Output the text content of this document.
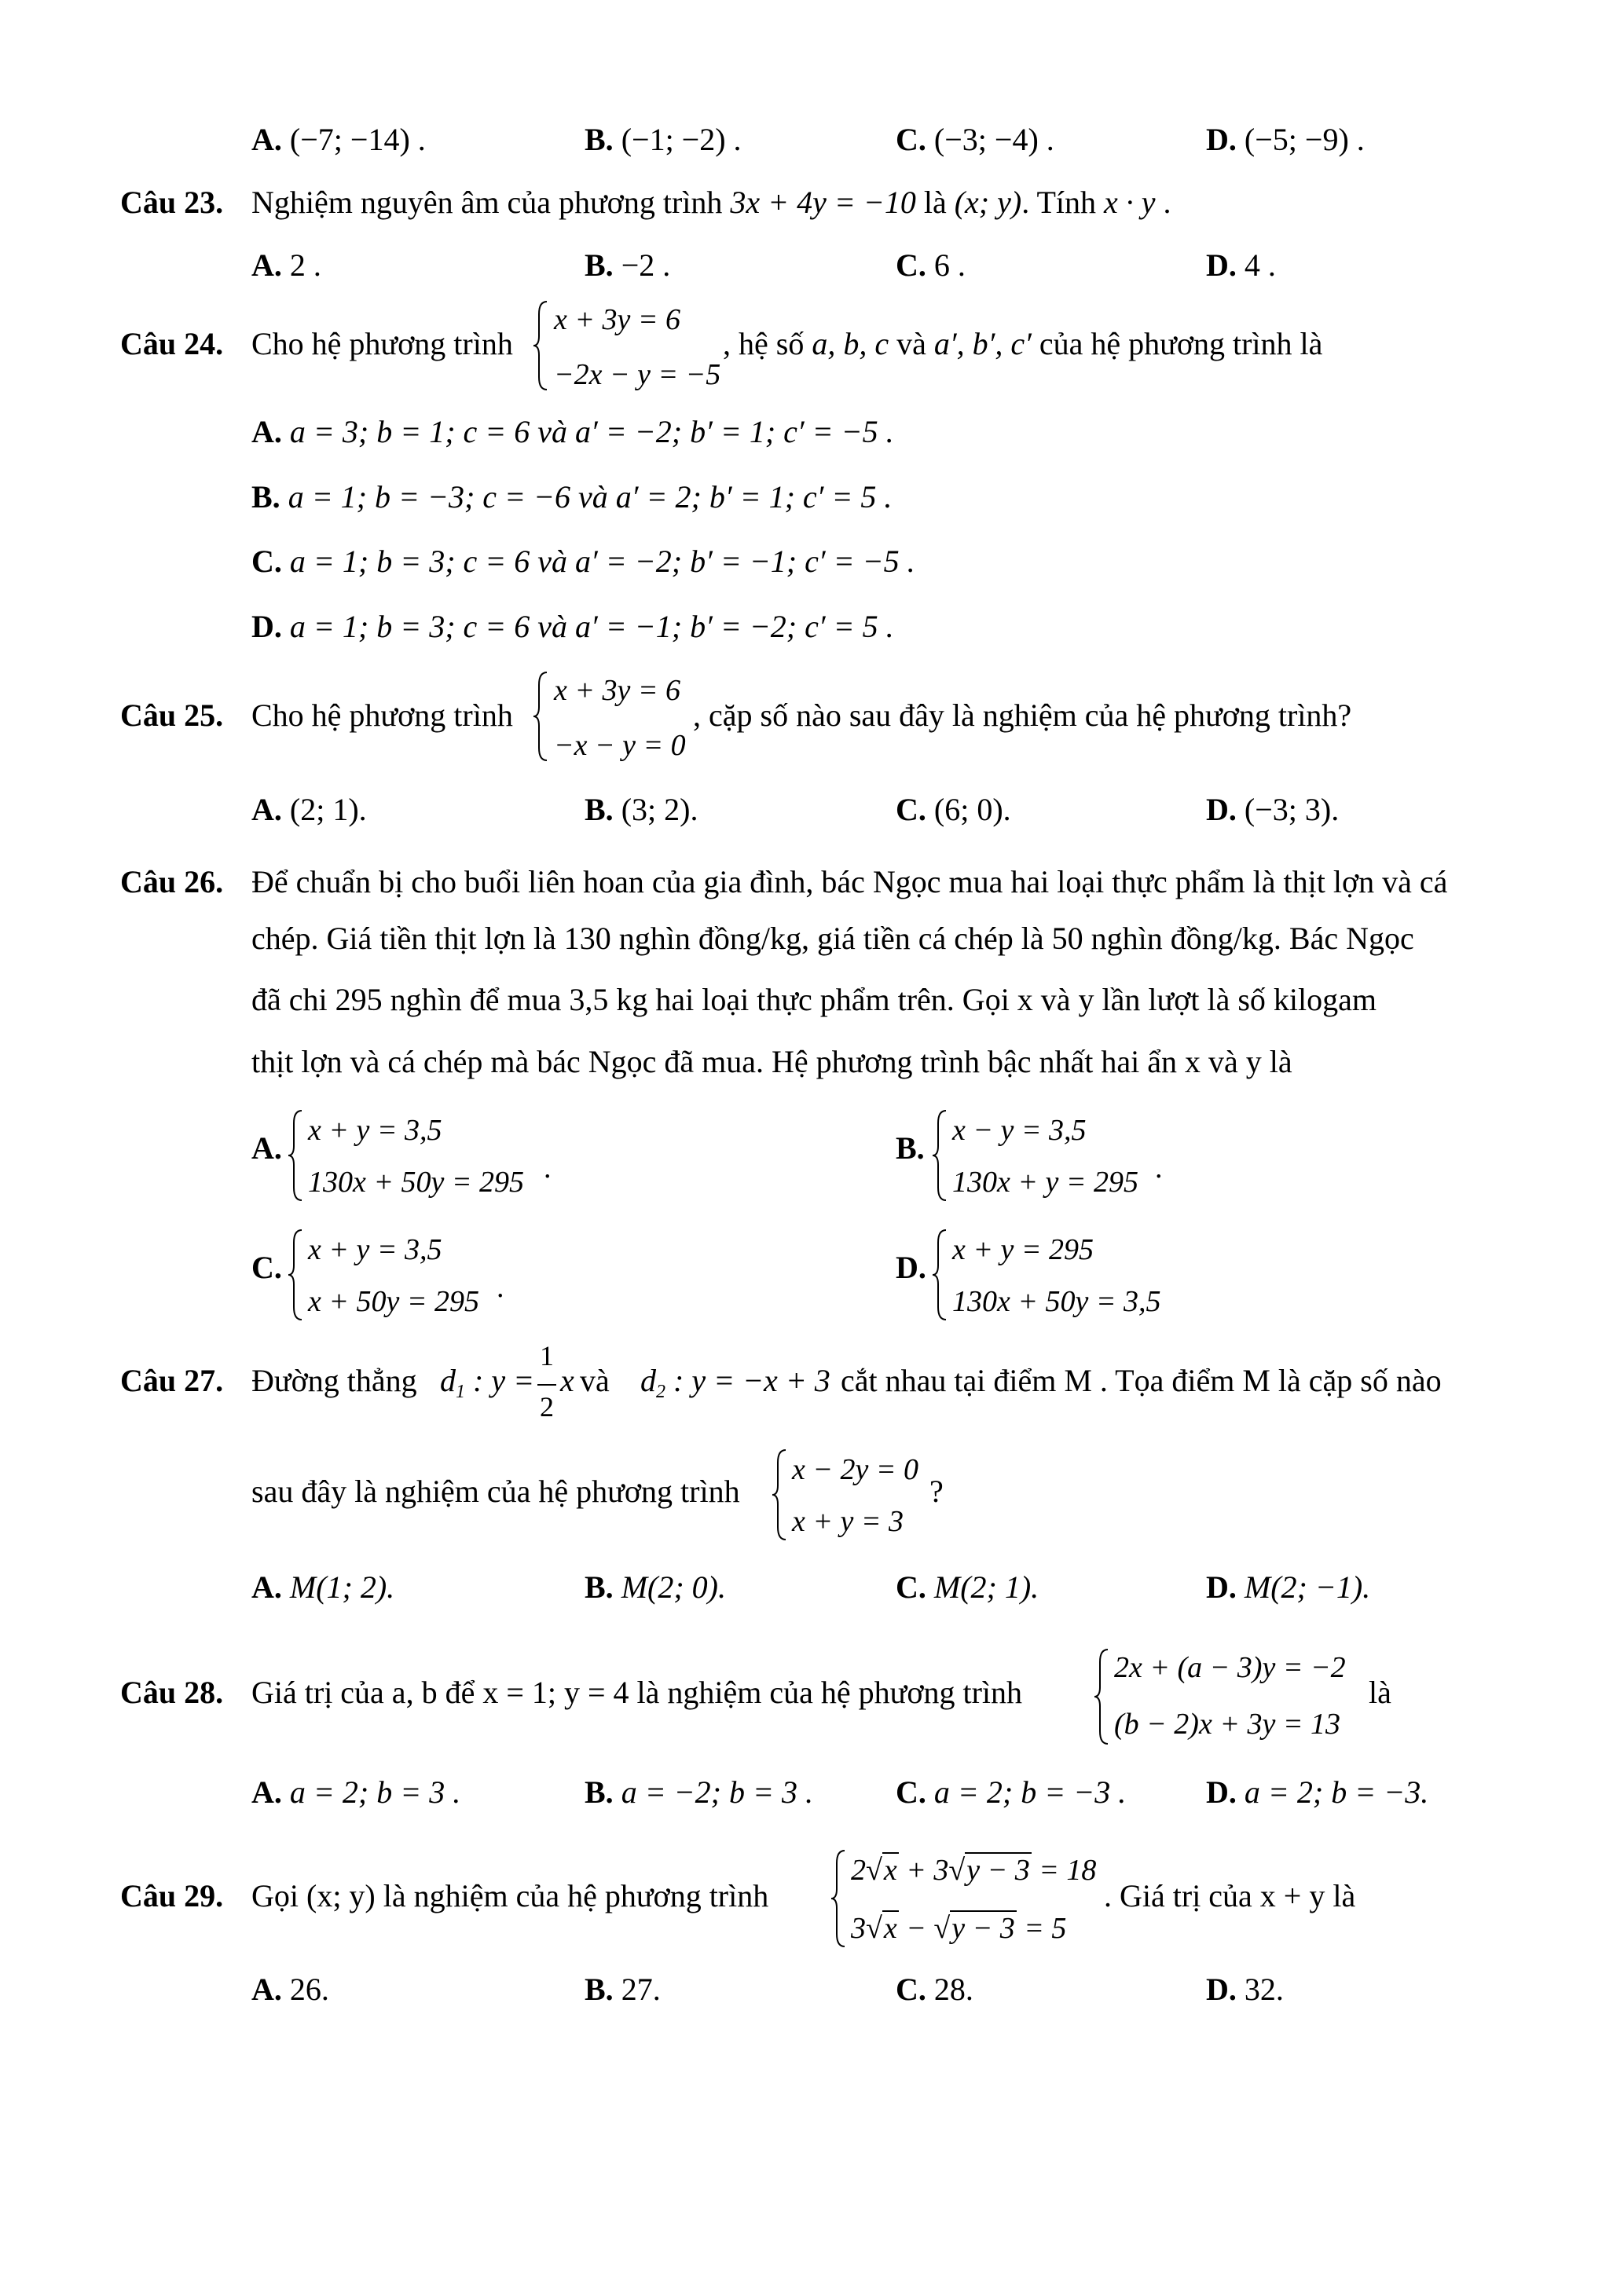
A. (−7; −14) .	B. (−1; −2) .	C. (−3; −4) .	D. (−5; −9) .
Câu 23. Nghiệm nguyên âm của phương trình 3x + 4y = −10 là (x; y). Tính x · y .
A. 2 .	B. −2 .	C. 6 .	D. 4 .
Câu 24. Cho hệ phương trình
x + 3y = 6
−2x − y = −5
, hệ số a, b, c và a′, b′, c′ của hệ phương trình là
A. a = 3; b = 1; c = 6 và a′ = −2; b′ = 1; c′ = −5 .
B. a = 1; b = −3; c = −6 và a′ = 2; b′ = 1; c′ = 5 .
C. a = 1; b = 3; c = 6 và a′ = −2; b′ = −1; c′ = −5 .
D. a = 1; b = 3; c = 6 và a′ = −1; b′ = −2; c′ = 5 .
Câu 25. Cho hệ phương trình
x + 3y = 6
−x − y = 0
, cặp số nào sau đây là nghiệm của hệ phương trình?
A. (2; 1).	B. (3; 2).	C. (6; 0).	D. (−3; 3).
Câu 26. Để chuẩn bị cho buổi liên hoan của gia đình, bác Ngọc mua hai loại thực phẩm là thịt lợn và cá
chép. Giá tiền thịt lợn là 130 nghìn đồng/kg, giá tiền cá chép là 50 nghìn đồng/kg. Bác Ngọc
đã chi 295 nghìn để mua 3,5 kg hai loại thực phẩm trên. Gọi x và y lần lượt là số kilogam
thịt lợn và cá chép mà bác Ngọc đã mua. Hệ phương trình bậc nhất hai ẩn x và y là
A. x + y = 3,5
130x + 50y = 295 .
B. x − y = 3,5
130x + y = 295 .
C. x + y = 3,5
x + 50y = 295 .
D. x + y = 295
130x + 50y = 3,5
Câu 27. Đường thẳng $d_1$ : y =
1
2
x và $d_2$ : y = −x + 3 cắt nhau tại điểm M . Tọa điểm M là cặp số nào
sau đây là nghiệm của hệ phương trình
x − 2y = 0
x + y = 3
?
A. M(1; 2).	B. M(2; 0).	C. M(2; 1).	D. M(2; −1).
Câu 28. Giá trị của a, b để x = 1; y = 4 là nghiệm của hệ phương trình
2x + (a − 3)y = −2
(b − 2)x + 3y = 13
là
A. a = 2; b = 3 .	B. a = −2; b = 3 .	C. a = 2; b = −3 .	D. a = 2; b = −3.
Câu 29. Gọi (x; y) là nghiệm của hệ phương trình
2√x + 3√y − 3 = 18
3√x − √y − 3 = 5
. Giá trị của x + y là
A. 26.	B. 27.	C. 28.	D. 32.
